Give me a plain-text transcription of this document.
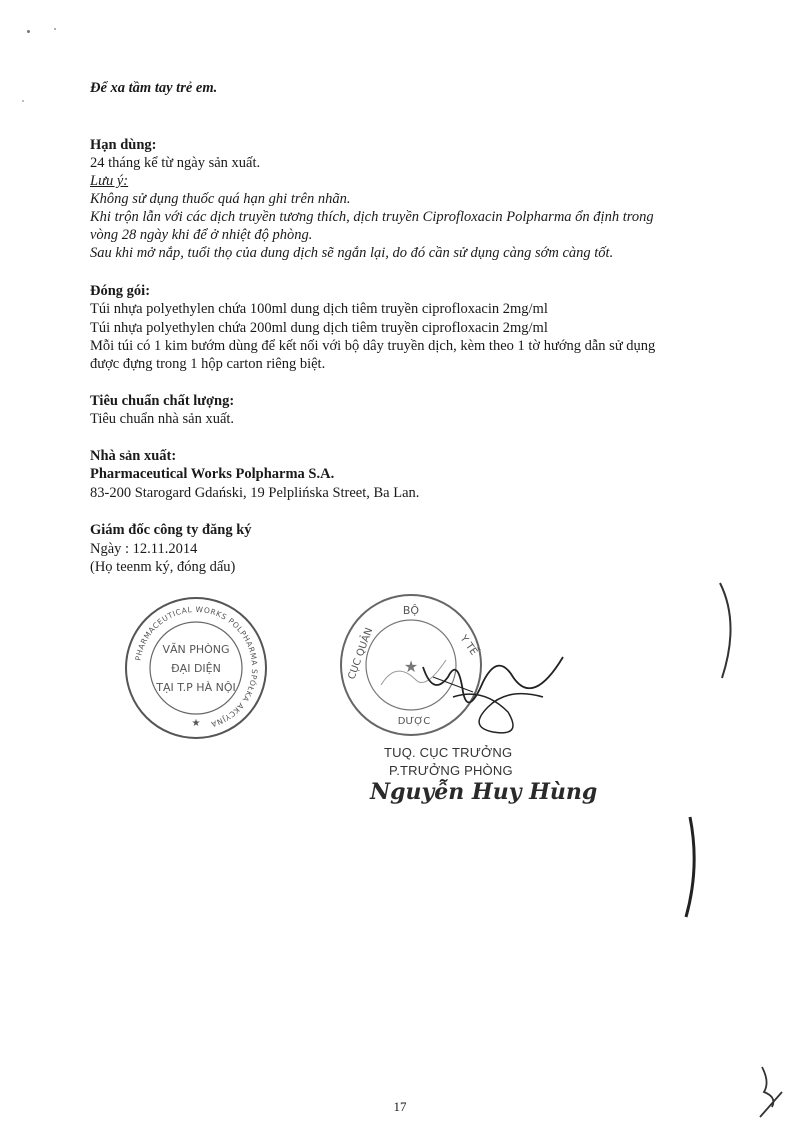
Để xa tầm tay trẻ em.
Hạn dùng:
24 tháng kể từ ngày sản xuất.
Lưu ý:
Không sử dụng thuốc quá hạn ghi trên nhãn.
Khi trộn lẫn với các dịch truyền tương thích, dịch truyền Ciprofloxacin Polpharma ổn định trong
vòng 28 ngày khi để ở nhiệt độ phòng.
Sau khi mở nắp, tuổi thọ của dung dịch sẽ ngắn lại, do đó cần sử dụng càng sớm càng tốt.
Đóng gói:
Túi nhựa polyethylen chứa 100ml dung dịch tiêm truyền ciprofloxacin 2mg/ml
Túi nhựa polyethylen chứa 200ml dung dịch tiêm truyền ciprofloxacin 2mg/ml
Mỗi túi có 1 kim bướm dùng để kết nối với bộ dây truyền dịch, kèm theo 1 tờ hướng dẫn sử dụng
được đựng trong 1 hộp carton riêng biệt.
Tiêu chuẩn chất lượng:
Tiêu chuẩn nhà sản xuất.
Nhà sản xuất:
Pharmaceutical Works Polpharma S.A.
83-200 Starogard Gdański, 19 Pelplińska Street, Ba Lan.
Giám đốc công ty đăng ký
Ngày : 12.11.2014
(Họ teenm ký, đóng dấu)
PHARMACEUTICAL WORKS POLPHARMA SPÓŁKA AKCYJNA
VĂN PHÒNG
ĐẠI DIỆN
TẠI T.P HÀ NỘI
★
BỘ
CỤC QUẢN	Y TẾ
DƯỢC
★
TUQ. CỤC TRƯỞNG
P.TRƯỞNG PHÒNG
Nguyễn Huy Hùng
17
